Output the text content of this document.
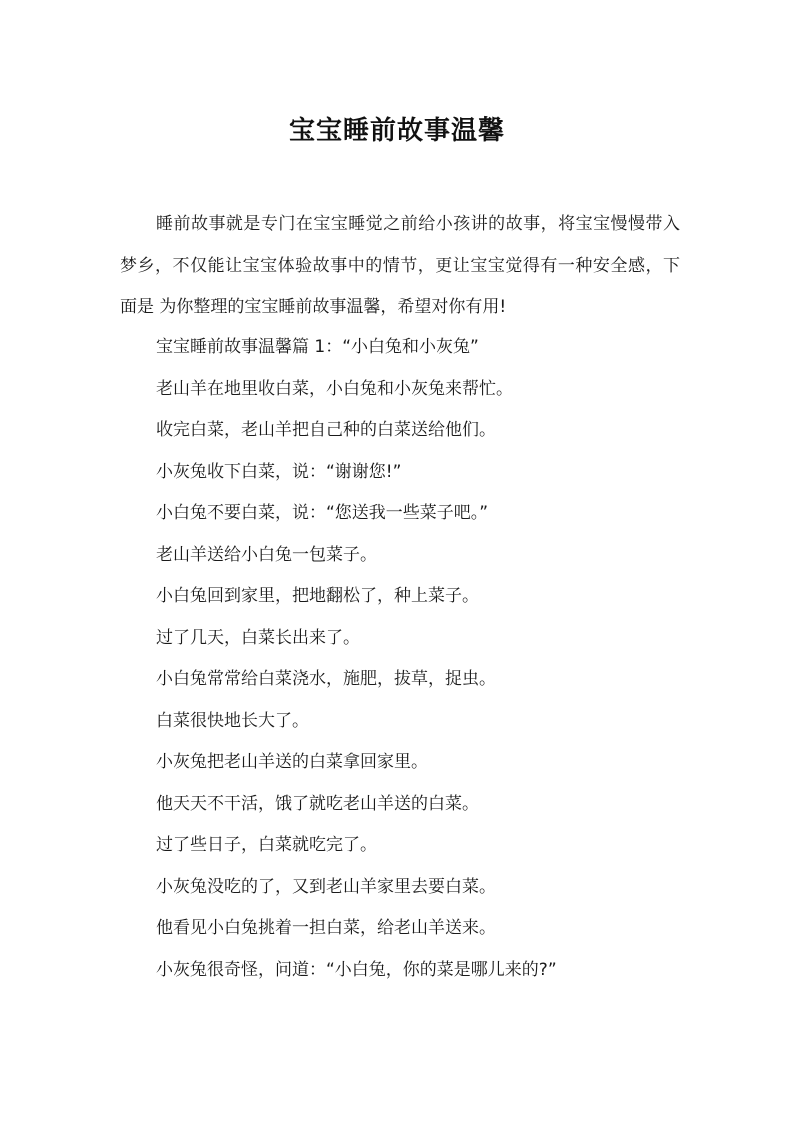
宝宝睡前故事温馨

睡前故事就是专门在宝宝睡觉之前给小孩讲的故事，将宝宝慢慢带入梦乡，不仅能让宝宝体验故事中的情节，更让宝宝觉得有一种安全感，下面是 为你整理的宝宝睡前故事温馨，希望对你有用!

宝宝睡前故事温馨篇 1：“小白兔和小灰兔”
老山羊在地里收白菜，小白兔和小灰兔来帮忙。
收完白菜，老山羊把自己种的白菜送给他们。
小灰兔收下白菜，说：“谢谢您!”
小白兔不要白菜，说：“您送我一些菜子吧。”
老山羊送给小白兔一包菜子。
小白兔回到家里，把地翻松了，种上菜子。
过了几天，白菜长出来了。
小白兔常常给白菜浇水，施肥，拔草，捉虫。
白菜很快地长大了。
小灰兔把老山羊送的白菜拿回家里。
他天天不干活，饿了就吃老山羊送的白菜。
过了些日子，白菜就吃完了。
小灰兔没吃的了，又到老山羊家里去要白菜。
他看见小白兔挑着一担白菜，给老山羊送来。
小灰兔很奇怪，问道：“小白兔，你的菜是哪儿来的?”
